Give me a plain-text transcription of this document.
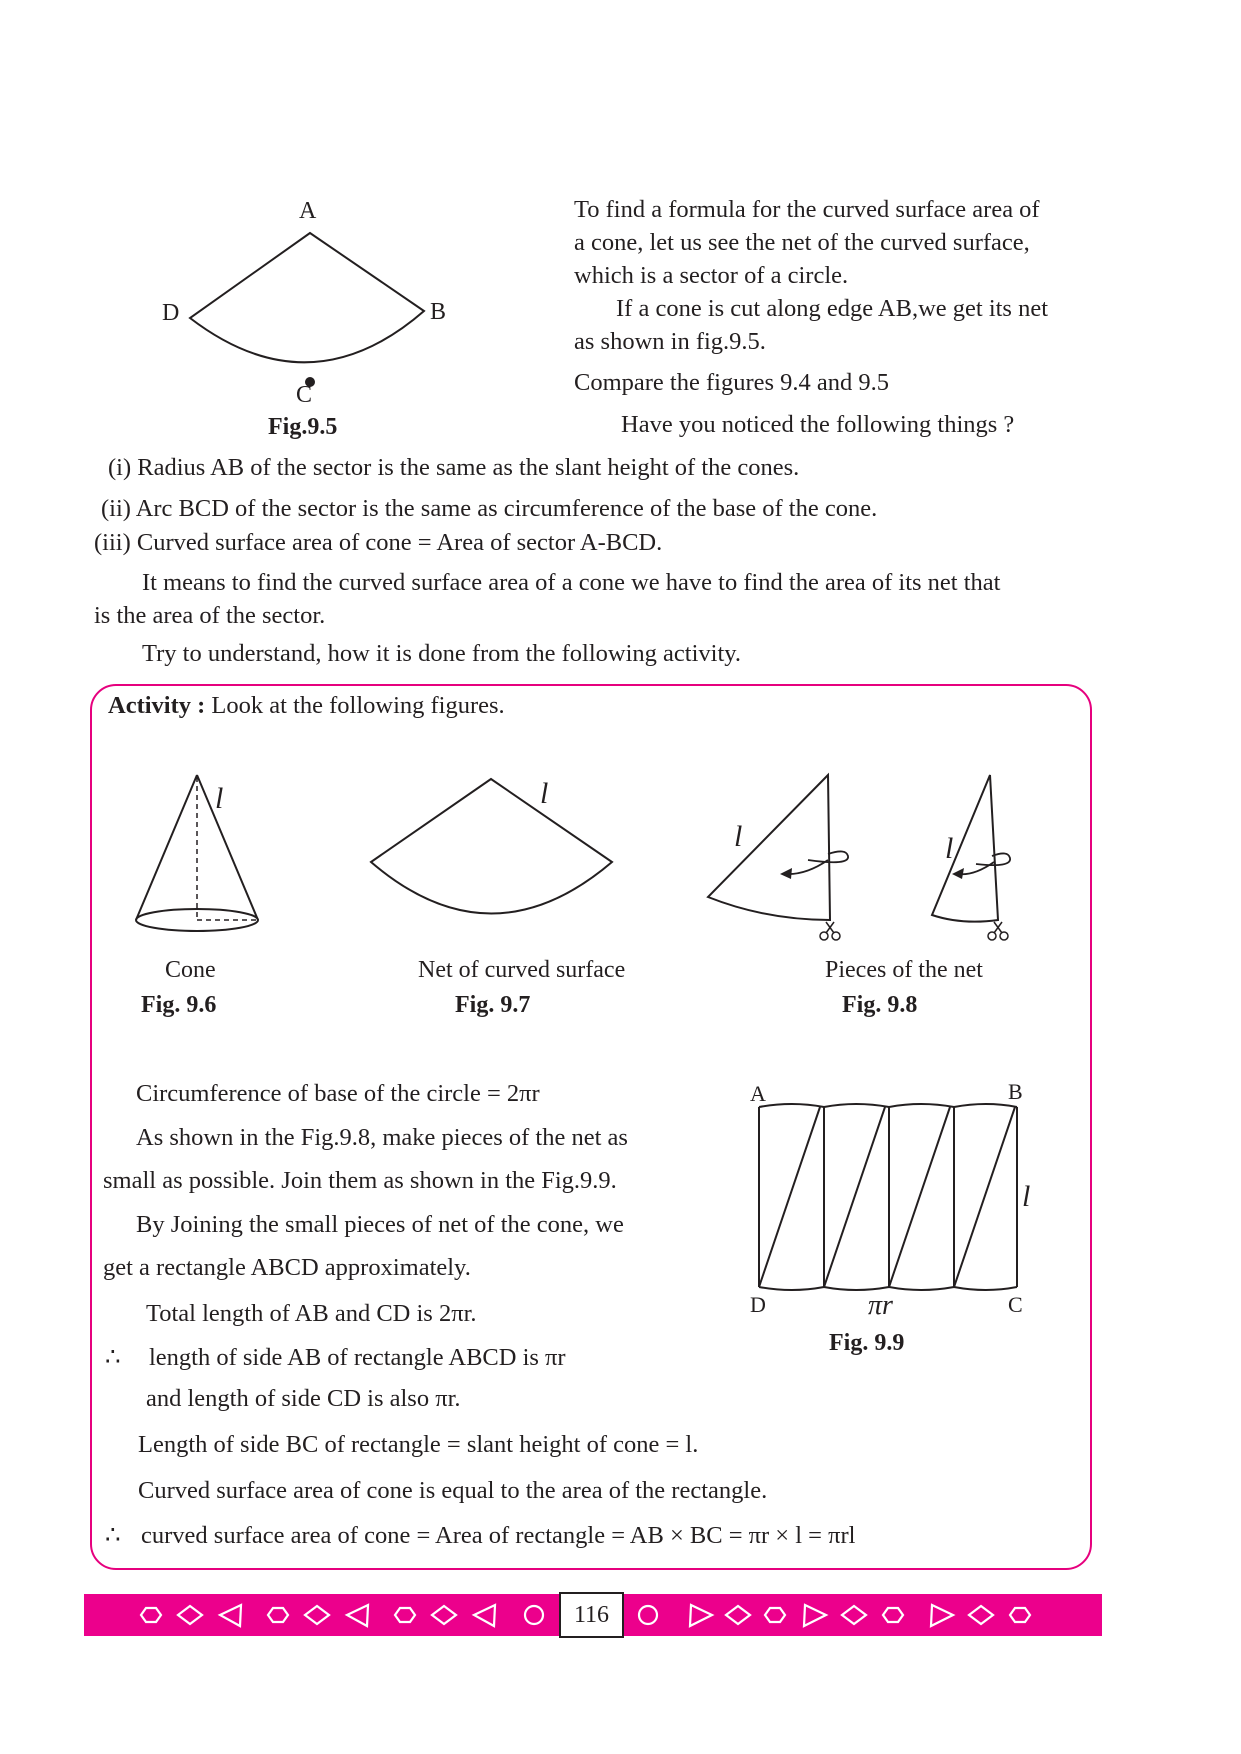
A
D	B
C
Fig.9.5
To find a formula for the curved surface area of
a cone, let us see the net of the curved surface,
which is a sector of a circle.
If a cone is cut along edge AB,we get its net
as shown in fig.9.5.
Compare the figures 9.4 and 9.5
Have you noticed the following things ?
(i) Radius AB of the sector is the same as the slant height of the cones.
(ii) Arc BCD of the sector is the same as circumference of the base of the cone.
(iii) Curved surface area of cone = Area of sector A-BCD.
It means to find the curved surface area of a cone we have to find the area of its net that
is the area of the sector.
Try to understand, how it is done from the following activity.
Activity : Look at the following figures.
l
Cone
Fig. 9.6
l
Net of curved surface
Fig. 9.7
l	l
Pieces of the net
Fig. 9.8
A	B
D	C
πr
l
Fig. 9.9
Circumference of base of the circle = 2πr
As shown in the Fig.9.8, make pieces of the net as
small as possible. Join them as shown in the Fig.9.9.
By Joining the small pieces of net of the cone, we
get a rectangle ABCD approximately.
Total length of AB and CD is 2πr.
∴ length of side AB of rectangle ABCD is πr
and length of side CD is also πr.
Length of side BC of rectangle = slant height of cone = l.
Curved surface area of cone is equal to the area of the rectangle.
∴ curved surface area of cone = Area of rectangle = AB × BC = πr × l = πrl
116
